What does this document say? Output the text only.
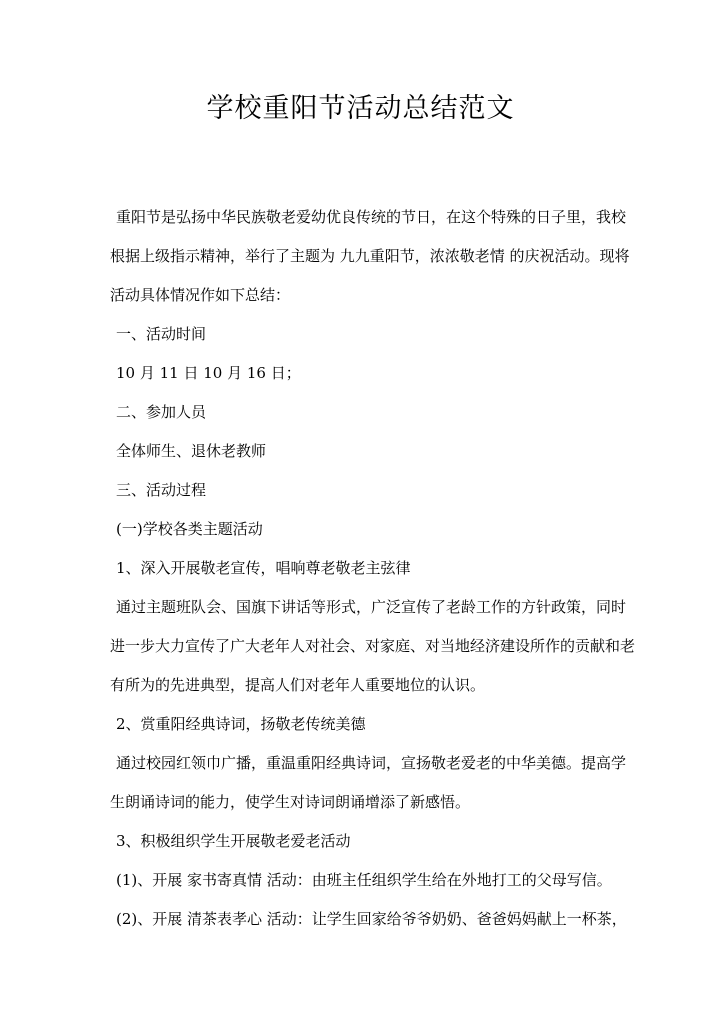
学校重阳节活动总结范文

重阳节是弘扬中华民族敬老爱幼优良传统的节日，在这个特殊的日子里，我校

根据上级指示精神，举行了主题为 九九重阳节，浓浓敬老情 的庆祝活动。现将

活动具体情况作如下总结：

一、活动时间

10 月 11 日 10 月 16 日；

二、参加人员

全体师生、退休老教师

三、活动过程

(一)学校各类主题活动

1、深入开展敬老宣传，唱响尊老敬老主弦律

通过主题班队会、国旗下讲话等形式，广泛宣传了老龄工作的方针政策，同时

进一步大力宣传了广大老年人对社会、对家庭、对当地经济建设所作的贡献和老

有所为的先进典型，提高人们对老年人重要地位的认识。

2、赏重阳经典诗词，扬敬老传统美德

通过校园红领巾广播，重温重阳经典诗词，宣扬敬老爱老的中华美德。提高学

生朗诵诗词的能力，使学生对诗词朗诵增添了新感悟。

3、积极组织学生开展敬老爱老活动

(1)、开展 家书寄真情 活动：由班主任组织学生给在外地打工的父母写信。

(2)、开展 清茶表孝心 活动：让学生回家给爷爷奶奶、爸爸妈妈献上一杯茶，
